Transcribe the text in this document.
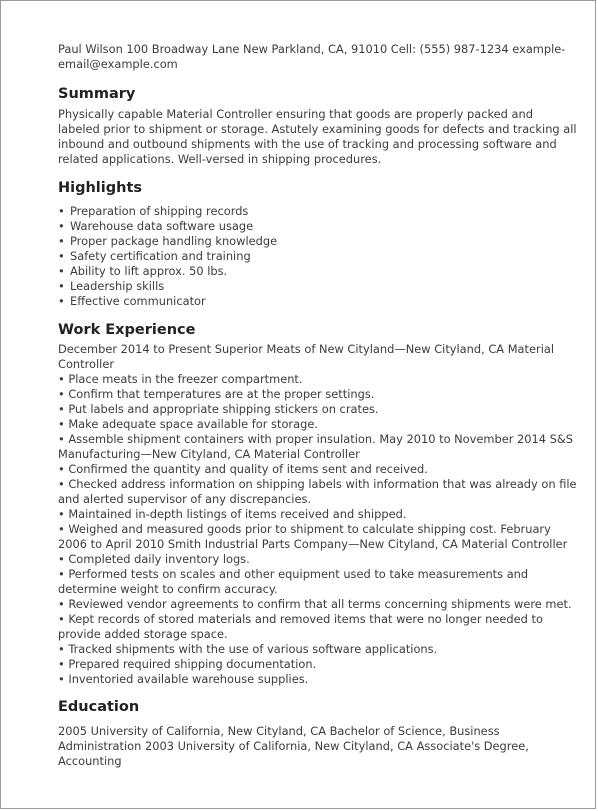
Paul Wilson 100 Broadway Lane New Parkland, CA, 91010 Cell: (555) 987-1234 example-email@example.com

Summary

Physically capable Material Controller ensuring that goods are properly packed and labeled prior to shipment or storage. Astutely examining goods for defects and tracking all inbound and outbound shipments with the use of tracking and processing software and related applications. Well-versed in shipping procedures.

Highlights
• Preparation of shipping records
• Warehouse data software usage
• Proper package handling knowledge
• Safety certification and training
• Ability to lift approx. 50 lbs.
• Leadership skills
• Effective communicator
Work Experience

December 2014 to Present Superior Meats of New Cityland—New Cityland, CA Material Controller

• Place meats in the freezer compartment.

• Confirm that temperatures are at the proper settings.

• Put labels and appropriate shipping stickers on crates.

• Make adequate space available for storage.

• Assemble shipment containers with proper insulation. May 2010 to November 2014 S&S Manufacturing—New Cityland, CA Material Controller

• Confirmed the quantity and quality of items sent and received.

• Checked address information on shipping labels with information that was already on file and alerted supervisor of any discrepancies.

• Maintained in-depth listings of items received and shipped.

• Weighed and measured goods prior to shipment to calculate shipping cost. February 2006 to April 2010 Smith Industrial Parts Company—New Cityland, CA Material Controller

• Completed daily inventory logs.

• Performed tests on scales and other equipment used to take measurements and determine weight to confirm accuracy.

• Reviewed vendor agreements to confirm that all terms concerning shipments were met.

• Kept records of stored materials and removed items that were no longer needed to provide added storage space.

• Tracked shipments with the use of various software applications.

• Prepared required shipping documentation.

• Inventoried available warehouse supplies.

Education

2005 University of California, New Cityland, CA Bachelor of Science, Business Administration 2003 University of California, New Cityland, CA Associate's Degree, Accounting
